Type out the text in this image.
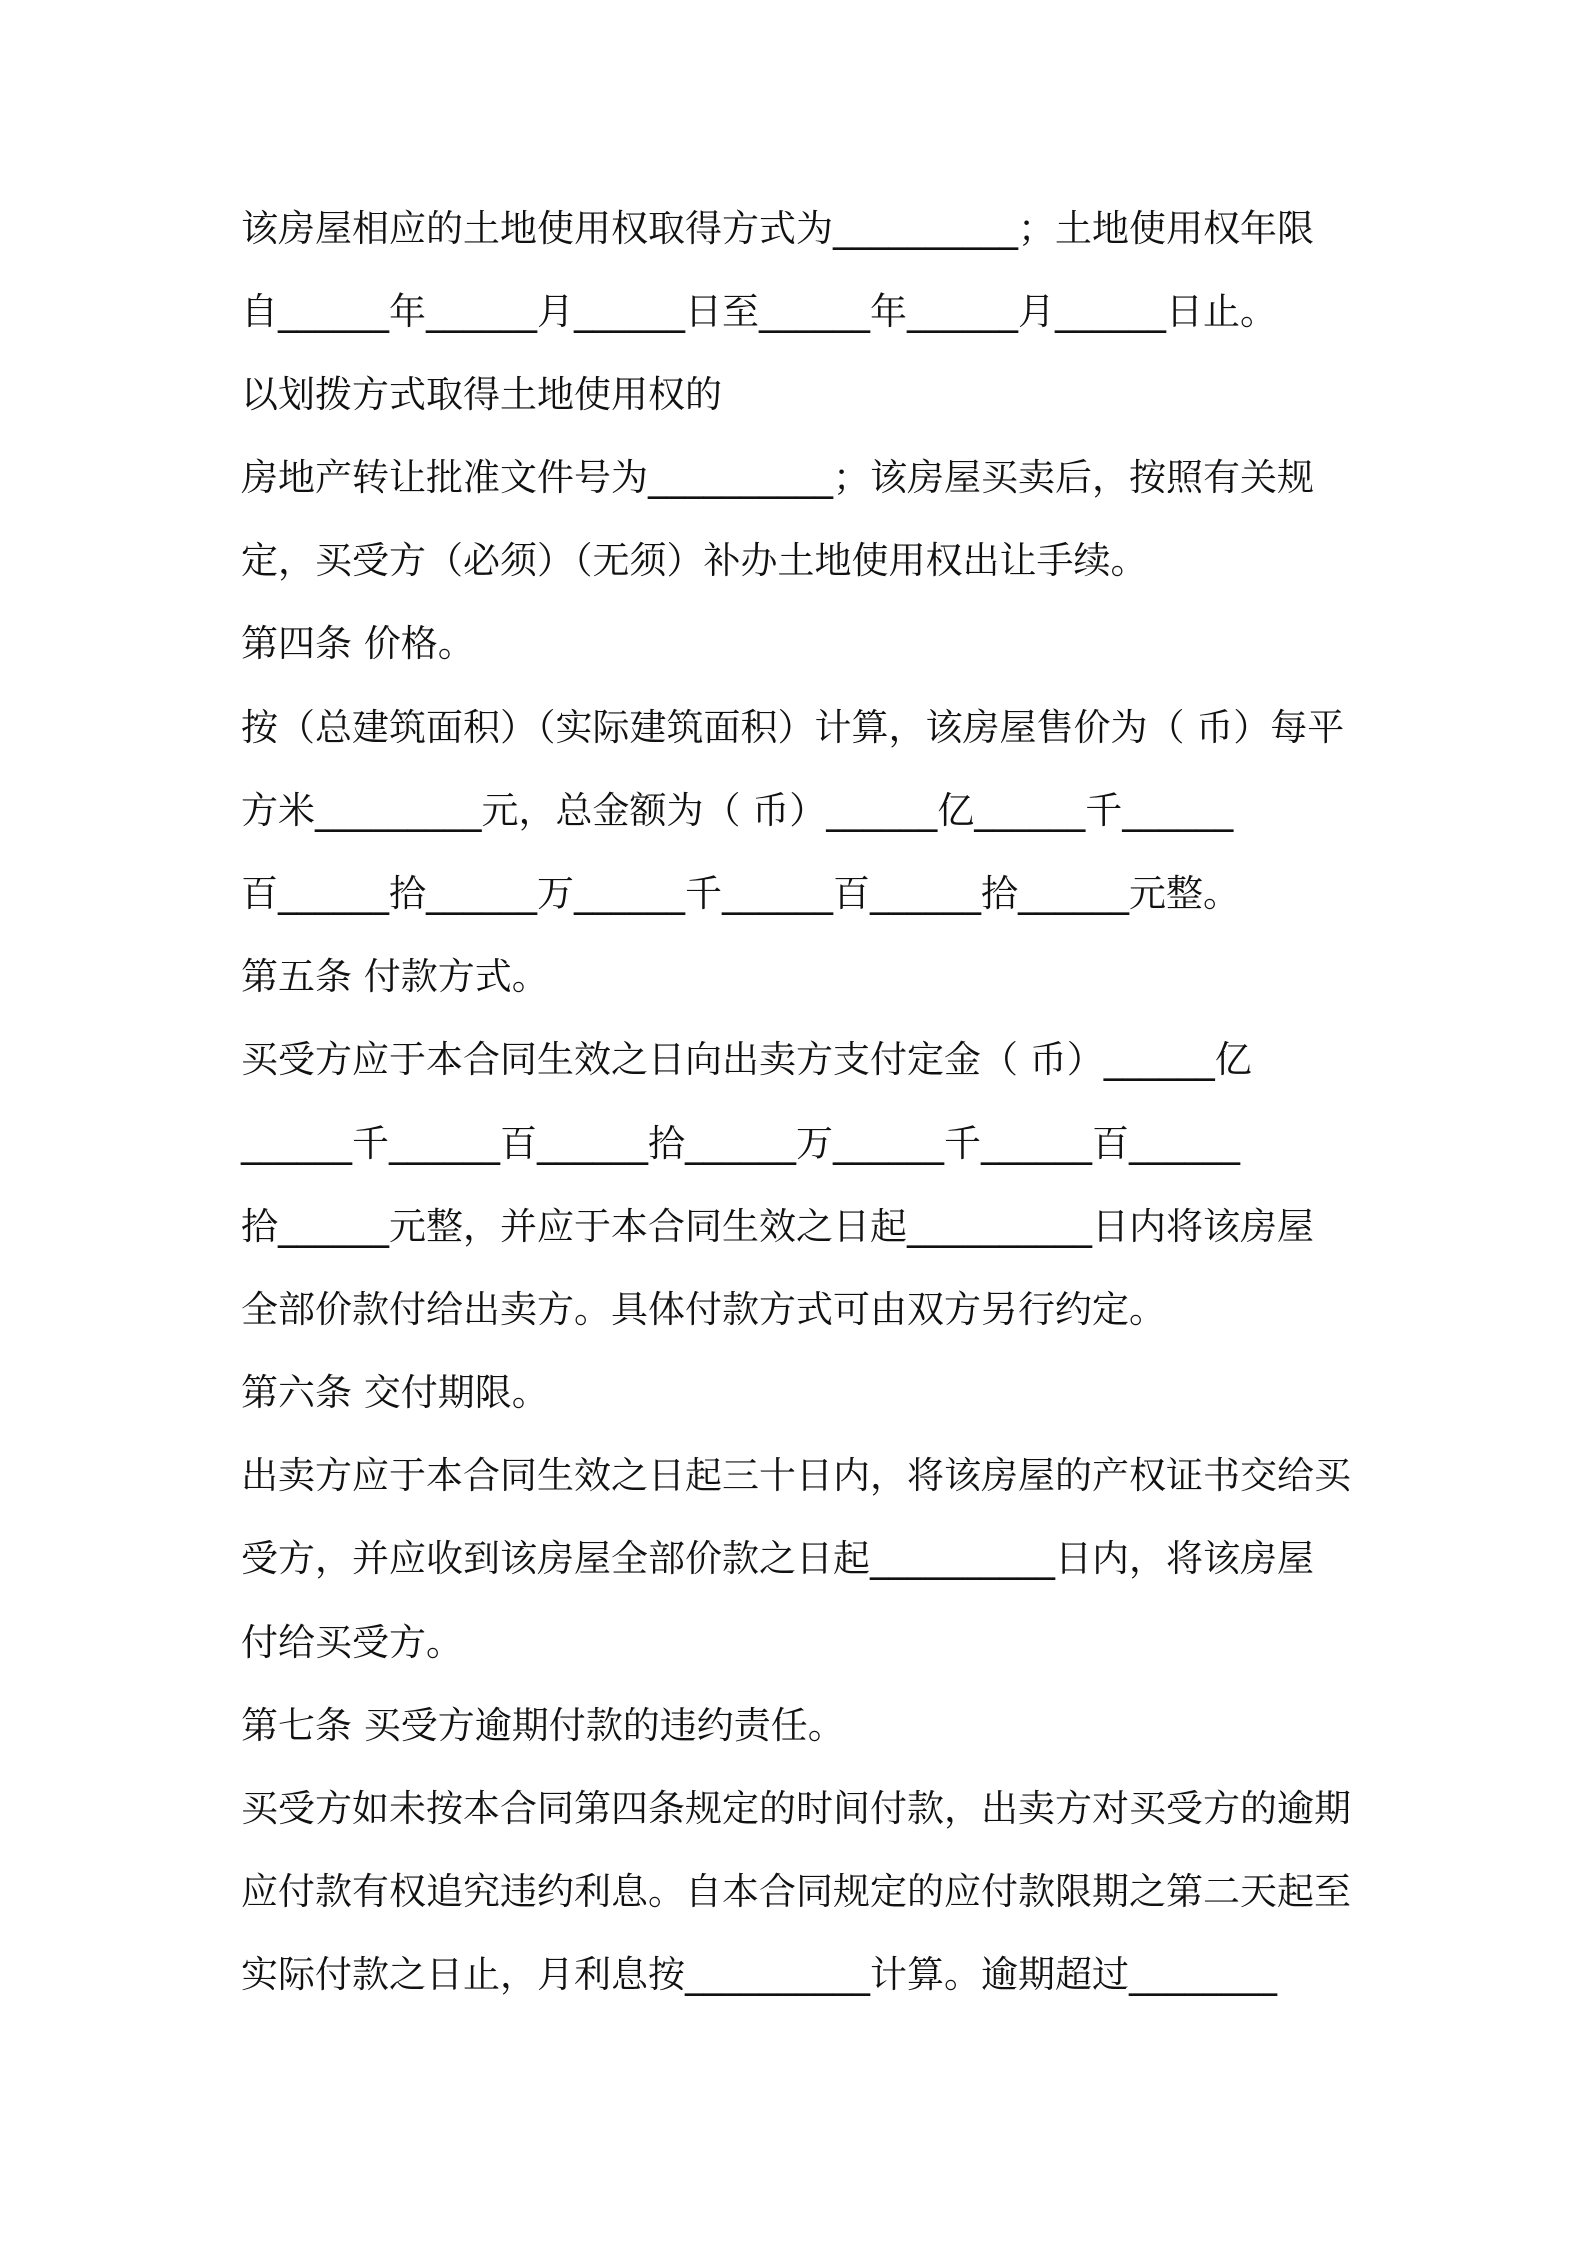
该房屋相应的土地使用权取得方式为__________；土地使用权年限
自______年______月______日至______年______月______日止。
以划拨方式取得土地使用权的
房地产转让批准文件号为__________；该房屋买卖后，按照有关规
定，买受方（必须）（无须）补办土地使用权出让手续。
第四条 价格。
按（总建筑面积）（实际建筑面积）计算，该房屋售价为（ 币）每平
方米_________元，总金额为（ 币）______亿______千______
百______拾______万______千______百______拾______元整。
第五条 付款方式。
买受方应于本合同生效之日向出卖方支付定金（ 币）______亿
______千______百______拾______万______千______百______
拾______元整，并应于本合同生效之日起__________日内将该房屋
全部价款付给出卖方。具体付款方式可由双方另行约定。
第六条 交付期限。
出卖方应于本合同生效之日起三十日内，将该房屋的产权证书交给买
受方，并应收到该房屋全部价款之日起__________日内，将该房屋
付给买受方。
第七条 买受方逾期付款的违约责任。
买受方如未按本合同第四条规定的时间付款，出卖方对买受方的逾期
应付款有权追究违约利息。自本合同规定的应付款限期之第二天起至
实际付款之日止，月利息按__________计算。逾期超过________
